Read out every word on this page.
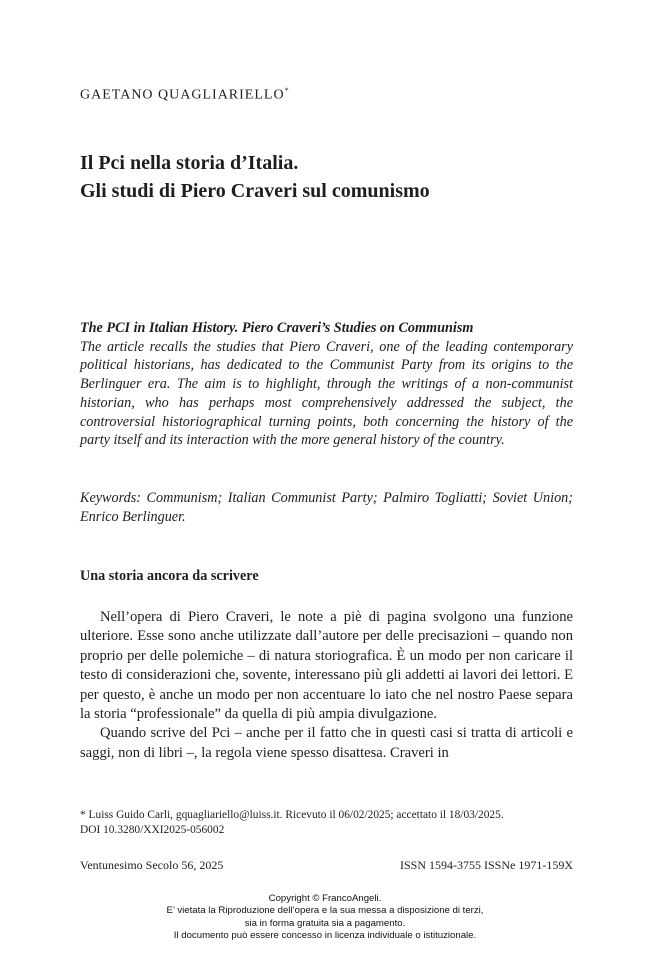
GAETANO QUAGLIARIELLO*
Il Pci nella storia d’Italia.
Gli studi di Piero Craveri sul comunismo
The PCI in Italian History. Piero Craveri’s Studies on Communism

The article recalls the studies that Piero Craveri, one of the leading contemporary political historians, has dedicated to the Communist Party from its origins to the Berlinguer era. The aim is to highlight, through the writings of a non-communist historian, who has perhaps most comprehensively addressed the subject, the controversial historiographical turning points, both concerning the history of the party itself and its interaction with the more general history of the country.

Keywords: Communism; Italian Communist Party; Palmiro Togliatti; Soviet Union; Enrico Berlinguer.

Una storia ancora da scrivere

Nell’opera di Piero Craveri, le note a piè di pagina svolgono una funzione ulteriore. Esse sono anche utilizzate dall’autore per delle precisazioni – quando non proprio per delle polemiche – di natura storiografica. È un modo per non caricare il testo di considerazioni che, sovente, interessano più gli addetti ai lavori dei lettori. E per questo, è anche un modo per non accentuare lo iato che nel nostro Paese separa la storia “professionale” da quella di più ampia divulgazione.

Quando scrive del Pci – anche per il fatto che in questi casi si tratta di articoli e saggi, non di libri –, la regola viene spesso disattesa. Craveri in

* Luiss Guido Carli, gquagliariello@luiss.it. Ricevuto il 06/02/2025; accettato il 18/03/2025.

DOI 10.3280/XXI2025-056002

Ventunesimo Secolo 56, 2025	ISSN 1594-3755 ISSNe 1971-159X
Copyright © FrancoAngeli.
E’ vietata la Riproduzione dell’opera e la sua messa a disposizione di terzi,
sia in forma gratuita sia a pagamento.
Il documento può essere concesso in licenza individuale o istituzionale.
